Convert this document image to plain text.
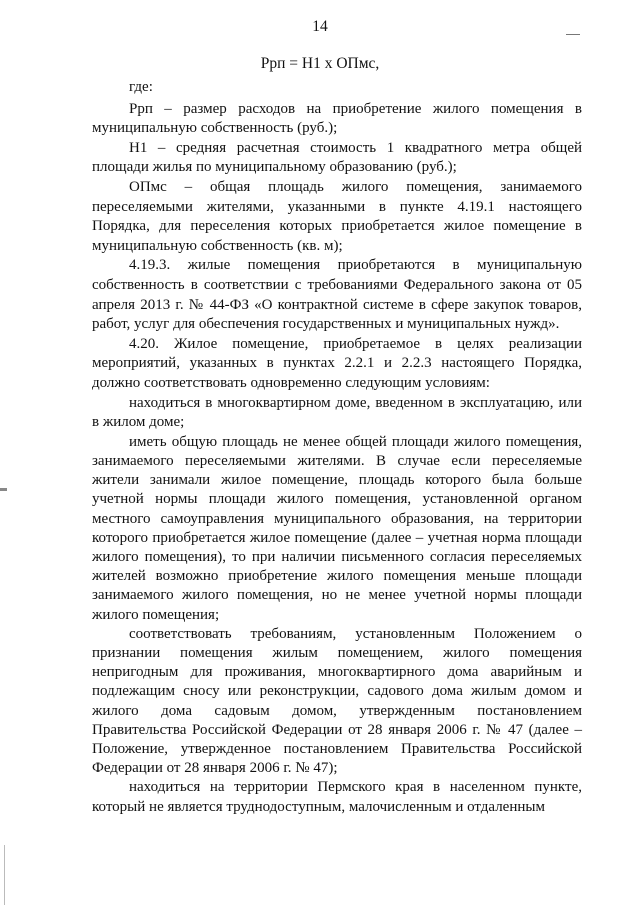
14
Рpп = Н1 х ОПмс,

где:

Рpп – размер расходов на приобретение жилого помещения в муниципальную собственность (руб.);

Н1 – средняя расчетная стоимость 1 квадратного метра общей площади жилья по муниципальному образованию (руб.);

ОПмс – общая площадь жилого помещения, занимаемого переселяемыми жителями, указанными в пункте 4.19.1 настоящего Порядка, для переселения которых приобретается жилое помещение в муниципальную собственность (кв. м);

4.19.3. жилые помещения приобретаются в муниципальную собственность в соответствии с требованиями Федерального закона от 05 апреля 2013 г. № 44-ФЗ «О контрактной системе в сфере закупок товаров, работ, услуг для обеспечения государственных и муниципальных нужд».

4.20. Жилое помещение, приобретаемое в целях реализации мероприятий, указанных в пунктах 2.2.1 и 2.2.3 настоящего Порядка, должно соответствовать одновременно следующим условиям:

находиться в многоквартирном доме, введенном в эксплуатацию, или в жилом доме;

иметь общую площадь не менее общей площади жилого помещения, занимаемого переселяемыми жителями. В случае если переселяемые жители занимали жилое помещение, площадь которого была больше учетной нормы площади жилого помещения, установленной органом местного самоуправления муниципального образования, на территории которого приобретается жилое помещение (далее – учетная норма площади жилого помещения), то при наличии письменного согласия переселяемых жителей возможно приобретение жилого помещения меньше площади занимаемого жилого помещения, но не менее учетной нормы площади жилого помещения;

соответствовать требованиям, установленным Положением о признании помещения жилым помещением, жилого помещения непригодным для проживания, многоквартирного дома аварийным и подлежащим сносу или реконструкции, садового дома жилым домом и жилого дома садовым домом, утвержденным постановлением Правительства Российской Федерации от 28 января 2006 г. № 47 (далее – Положение, утвержденное постановлением Правительства Российской Федерации от 28 января 2006 г. № 47);

находиться на территории Пермского края в населенном пункте, который не является труднодоступным, малочисленным и отдаленным
